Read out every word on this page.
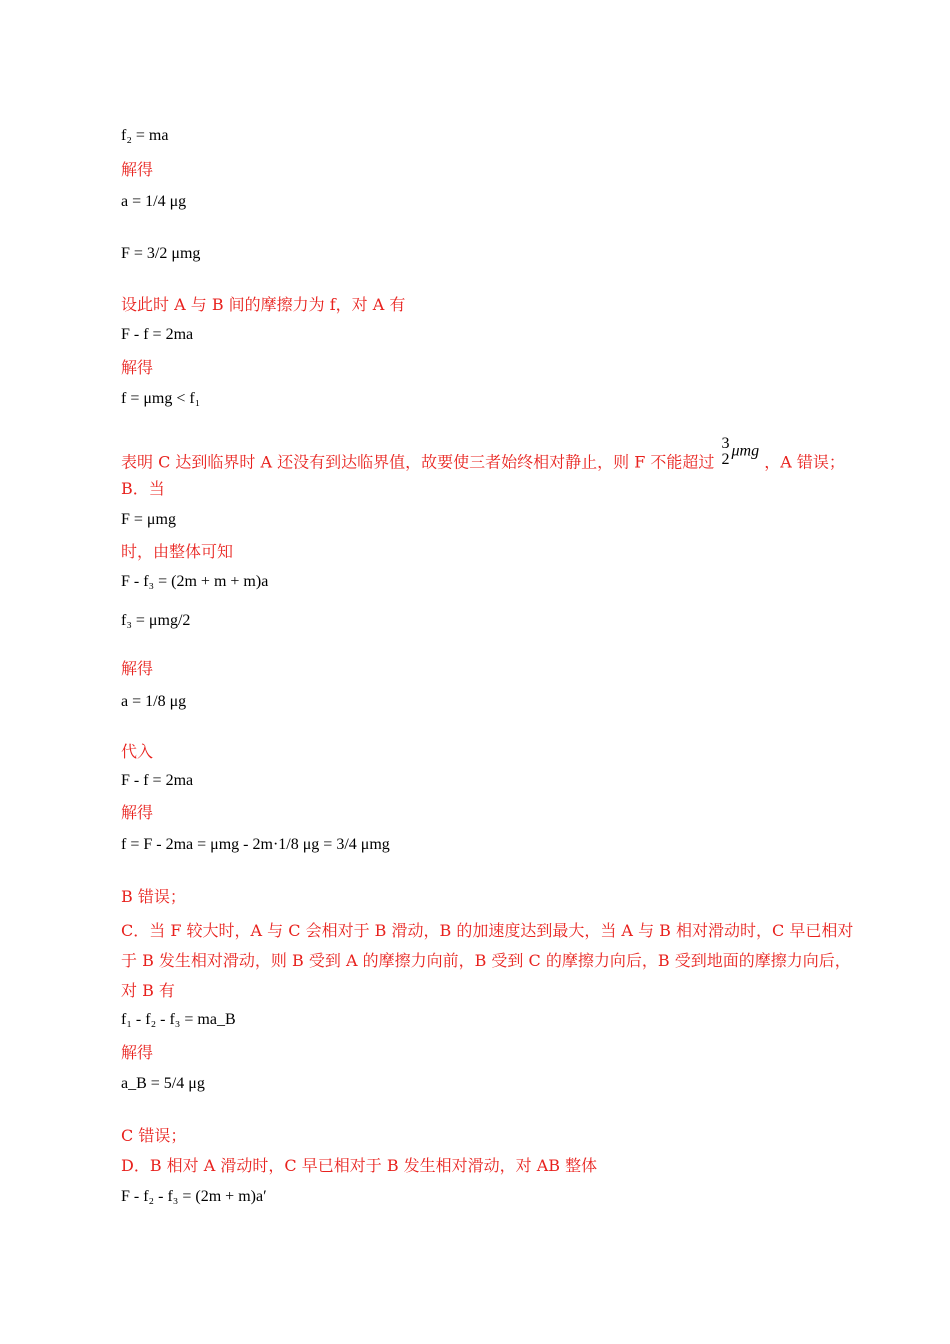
f₂ = ma
解得
a = 1/4 μg
F = 3/2 μmg
设此时 A 与 B 间的摩擦力为 f，对 A 有
F - f = 2ma
解得
f = μmg < f₁
表明 C 达到临界时 A 还没有到达临界值，故要使三者始终相对静止，则 F 不能超过
3
2 μmg ，A 错误；
B．当
F = μmg
时，由整体可知
F - f₃ = (2m + m + m)a
f₃ = μmg/2
解得
a = 1/8 μg
代入
F - f = 2ma
解得
f = F - 2ma = μmg - 2m·1/8 μg = 3/4 μmg
B 错误；
C．当 F 较大时，A 与 C 会相对于 B 滑动，B 的加速度达到最大，当 A 与 B 相对滑动时，C 早已相对于 B 发生相对滑动，则 B 受到 A 的摩擦力向前，B 受到 C 的摩擦力向后，B 受到地面的摩擦力向后，对 B 有
f₁ - f₂ - f₃ = ma_B
解得
a_B = 5/4 μg
C 错误；
D．B 相对 A 滑动时，C 早已相对于 B 发生相对滑动，对 AB 整体
F - f₂ - f₃ = (2m + m)a′
